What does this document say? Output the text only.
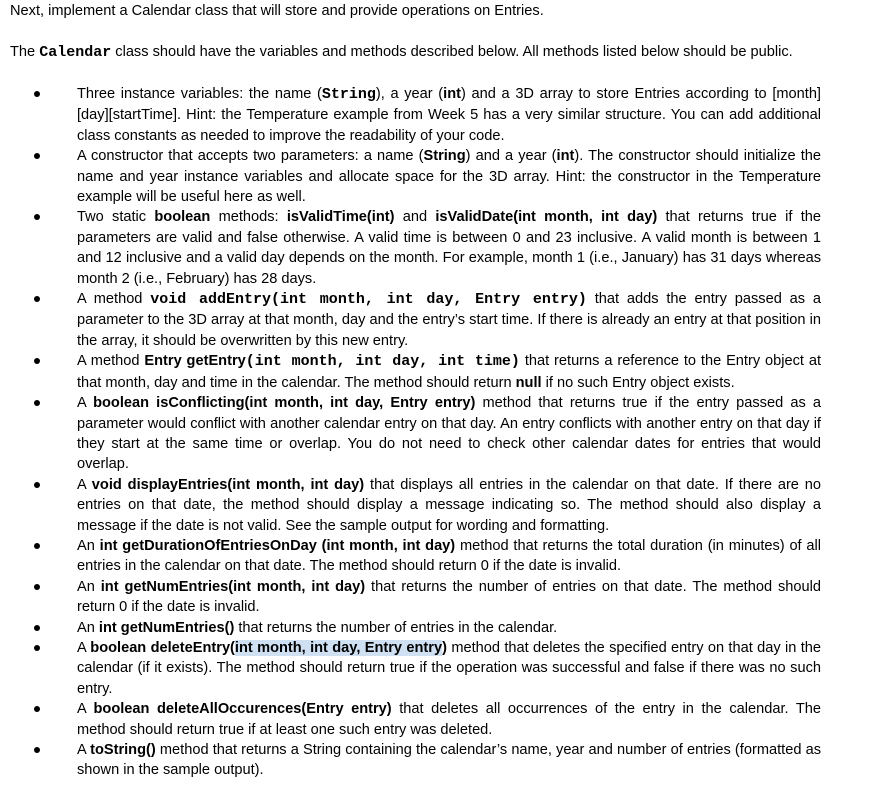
Next, implement a Calendar class that will store and provide operations on Entries.
The Calendar class should have the variables and methods described below. All methods listed below should be public.
Three instance variables: the name (String), a year (int) and a 3D array to store Entries according to [month][day][startTime]. Hint: the Temperature example from Week 5 has a very similar structure. You can add additional class constants as needed to improve the readability of your code.
A constructor that accepts two parameters: a name (String) and a year (int). The constructor should initialize the name and year instance variables and allocate space for the 3D array. Hint: the constructor in the Temperature example will be useful here as well.
Two static boolean methods: isValidTime(int) and isValidDate(int month, int day) that returns true if the parameters are valid and false otherwise. A valid time is between 0 and 23 inclusive. A valid month is between 1 and 12 inclusive and a valid day depends on the month. For example, month 1 (i.e., January) has 31 days whereas month 2 (i.e., February) has 28 days.
A method void addEntry(int month, int day, Entry entry) that adds the entry passed as a parameter to the 3D array at that month, day and the entry’s start time. If there is already an entry at that position in the array, it should be overwritten by this new entry.
A method Entry getEntry(int month, int day, int time) that returns a reference to the Entry object at that month, day and time in the calendar. The method should return null if no such Entry object exists.
A boolean isConflicting(int month, int day, Entry entry) method that returns true if the entry passed as a parameter would conflict with another calendar entry on that day. An entry conflicts with another entry on that day if they start at the same time or overlap. You do not need to check other calendar dates for entries that would overlap.
A void displayEntries(int month, int day) that displays all entries in the calendar on that date. If there are no entries on that date, the method should display a message indicating so. The method should also display a message if the date is not valid. See the sample output for wording and formatting.
An int getDurationOfEntriesOnDay (int month, int day) method that returns the total duration (in minutes) of all entries in the calendar on that date. The method should return 0 if the date is invalid.
An int getNumEntries(int month, int day) that returns the number of entries on that date. The method should return 0 if the date is invalid.
An int getNumEntries() that returns the number of entries in the calendar.
A boolean deleteEntry(int month, int day, Entry entry) method that deletes the specified entry on that day in the calendar (if it exists). The method should return true if the operation was successful and false if there was no such entry.
A boolean deleteAllOccurences(Entry entry) that deletes all occurrences of the entry in the calendar. The method should return true if at least one such entry was deleted.
A toString() method that returns a String containing the calendar’s name, year and number of entries (formatted as shown in the sample output).
